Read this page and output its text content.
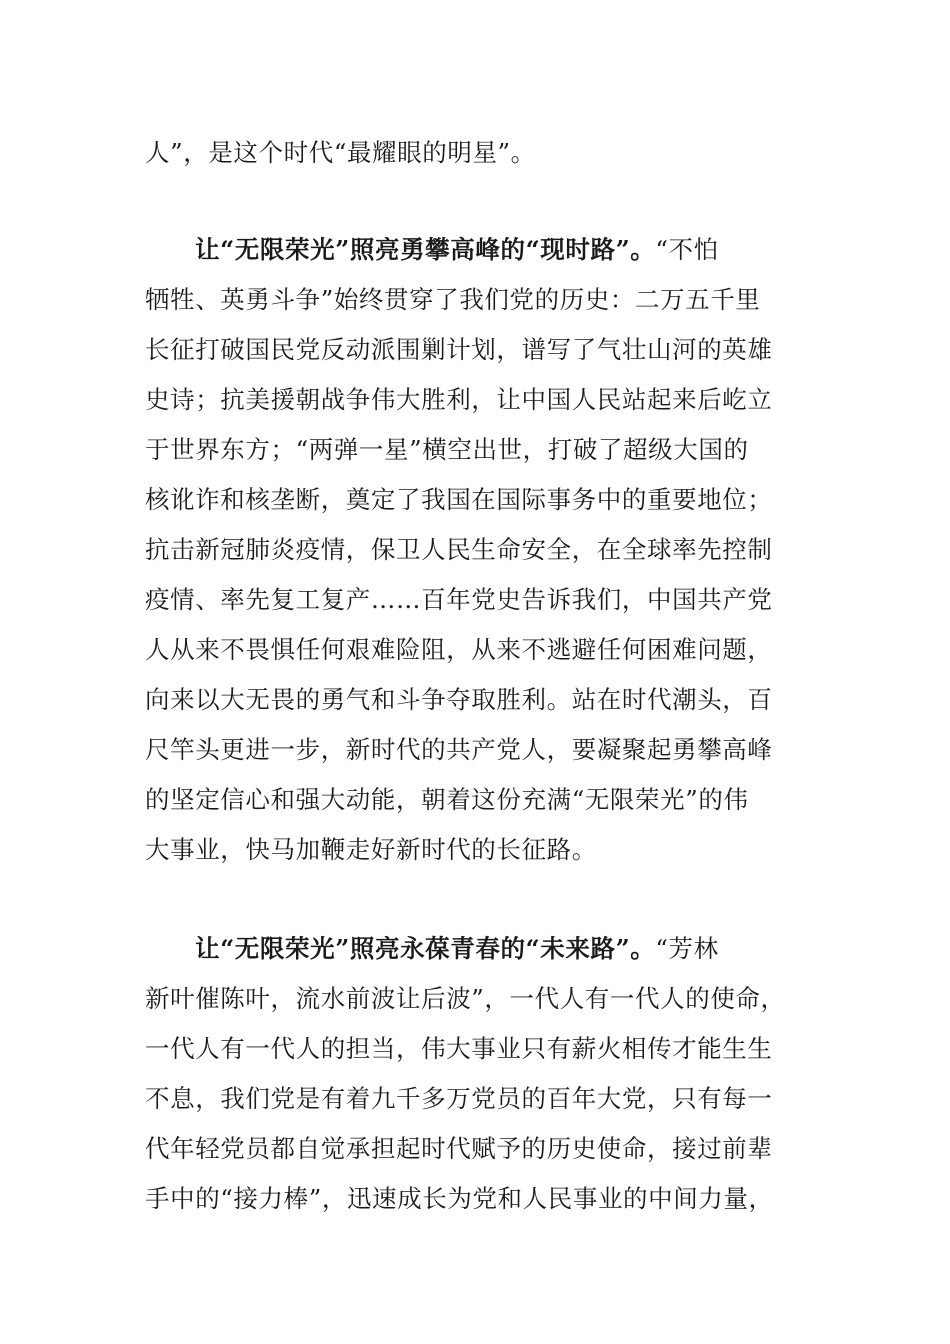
人”，是这个时代“最耀眼的明星”。
让“无限荣光”照亮勇攀高峰的“现时路”。“不怕
牺牲、英勇斗争”始终贯穿了我们党的历史：二万五千里
长征打破国民党反动派围剿计划，谱写了气壮山河的英雄
史诗；抗美援朝战争伟大胜利，让中国人民站起来后屹立
于世界东方；“两弹一星”横空出世，打破了超级大国的
核讹诈和核垄断，奠定了我国在国际事务中的重要地位；
抗击新冠肺炎疫情，保卫人民生命安全，在全球率先控制
疫情、率先复工复产……百年党史告诉我们，中国共产党
人从来不畏惧任何艰难险阻，从来不逃避任何困难问题，
向来以大无畏的勇气和斗争夺取胜利。站在时代潮头，百
尺竿头更进一步，新时代的共产党人，要凝聚起勇攀高峰
的坚定信心和强大动能，朝着这份充满“无限荣光”的伟
大事业，快马加鞭走好新时代的长征路。
让“无限荣光”照亮永葆青春的“未来路”。“芳林
新叶催陈叶，流水前波让后波”，一代人有一代人的使命，
一代人有一代人的担当，伟大事业只有薪火相传才能生生
不息，我们党是有着九千多万党员的百年大党，只有每一
代年轻党员都自觉承担起时代赋予的历史使命，接过前辈
手中的“接力棒”，迅速成长为党和人民事业的中间力量，
